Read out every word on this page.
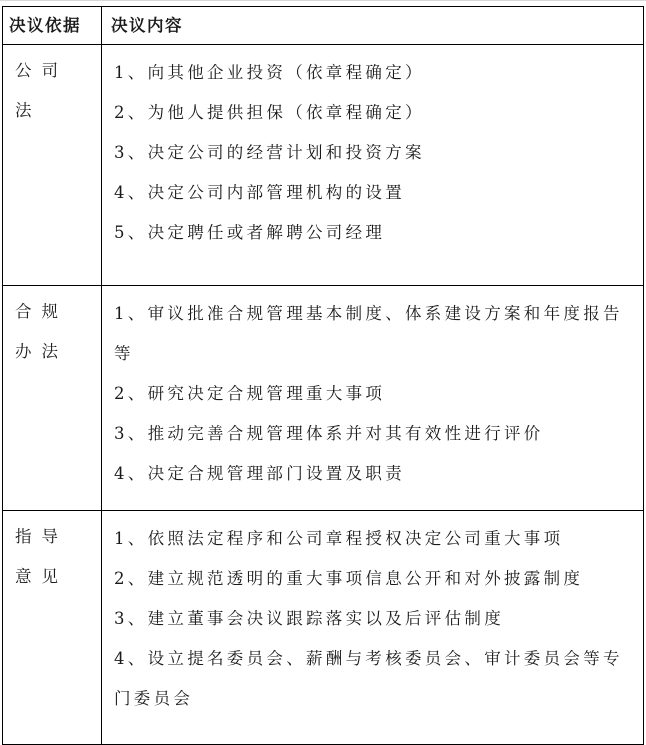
决议依据	决议内容

公司法	1、向其他企业投资（依章程确定）
2、为他人提供担保（依章程确定）
3、决定公司的经营计划和投资方案
4、决定公司内部管理机构的设置
5、决定聘任或者解聘公司经理

合规办法	1、审议批准合规管理基本制度、体系建设方案和年度报告等
2、研究决定合规管理重大事项
3、推动完善合规管理体系并对其有效性进行评价
4、决定合规管理部门设置及职责

指导意见	1、依照法定程序和公司章程授权决定公司重大事项
2、建立规范透明的重大事项信息公开和对外披露制度
3、建立董事会决议跟踪落实以及后评估制度
4、设立提名委员会、薪酬与考核委员会、审计委员会等专门委员会
